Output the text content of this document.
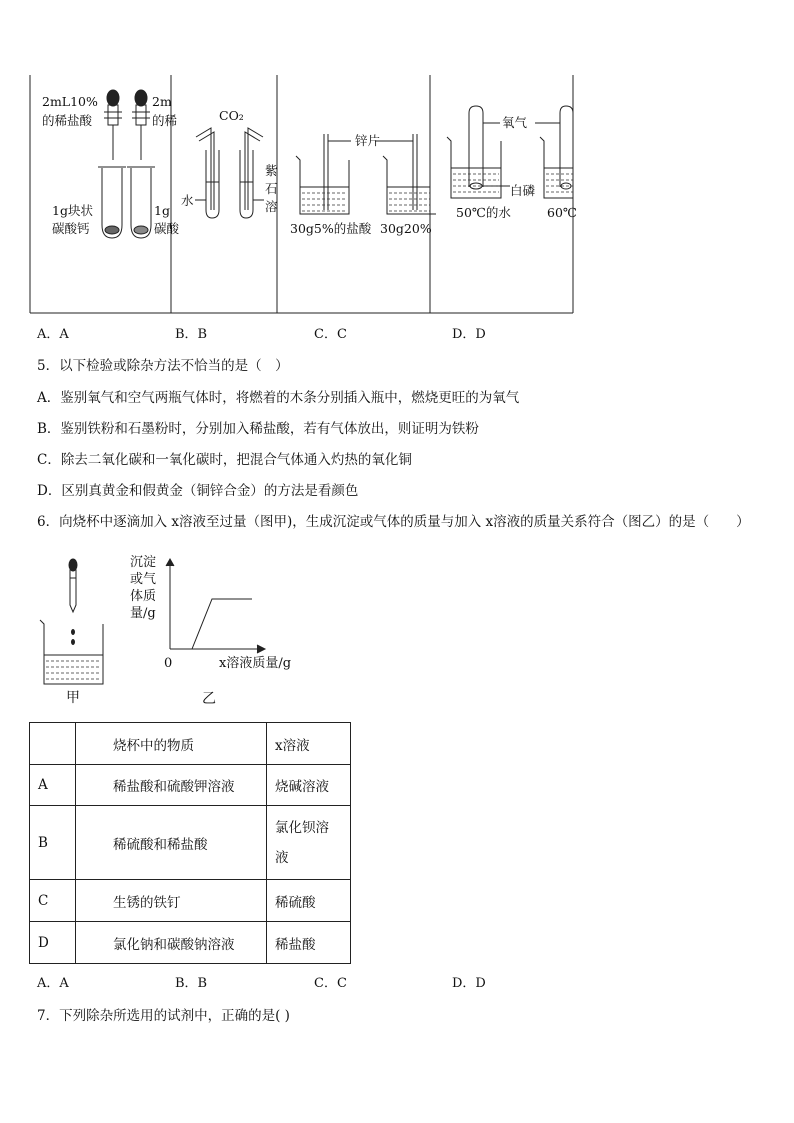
2mL10%
的稀盐酸
2m
的稀
1g块状
碳酸钙
1g
碳酸
CO₂
水
紫
石
溶
锌片
30g5%的盐酸 30g20%
氧气
白磷
50℃的水	60℃
A．A	B．B	C．C	D．D
5．以下检验或除杂方法不恰当的是（　）
A．鉴别氧气和空气两瓶气体时，将燃着的木条分别插入瓶中，燃烧更旺的为氧气
B．鉴别铁粉和石墨粉时，分别加入稀盐酸，若有气体放出，则证明为铁粉
C．除去二氧化碳和一氧化碳时，把混合气体通入灼热的氧化铜
D．区别真黄金和假黄金（铜锌合金）的方法是看颜色
6．向烧杯中逐滴加入 x溶液至过量（图甲)，生成沉淀或气体的质量与加入 x溶液的质量关系符合（图乙）的是（　　）
甲
沉淀
或气
体质
量/g
0	x溶液质量/g
乙
	烧杯中的物质	x溶液
A	稀盐酸和硫酸钾溶液	烧碱溶液
B	稀硫酸和稀盐酸	氯化钡溶
液

C	生锈的铁钉	稀硫酸
D	氯化钠和碳酸钠溶液	稀盐酸
A．A	B．B	C．C	D．D
7．下列除杂所选用的试剂中，正确的是( )
